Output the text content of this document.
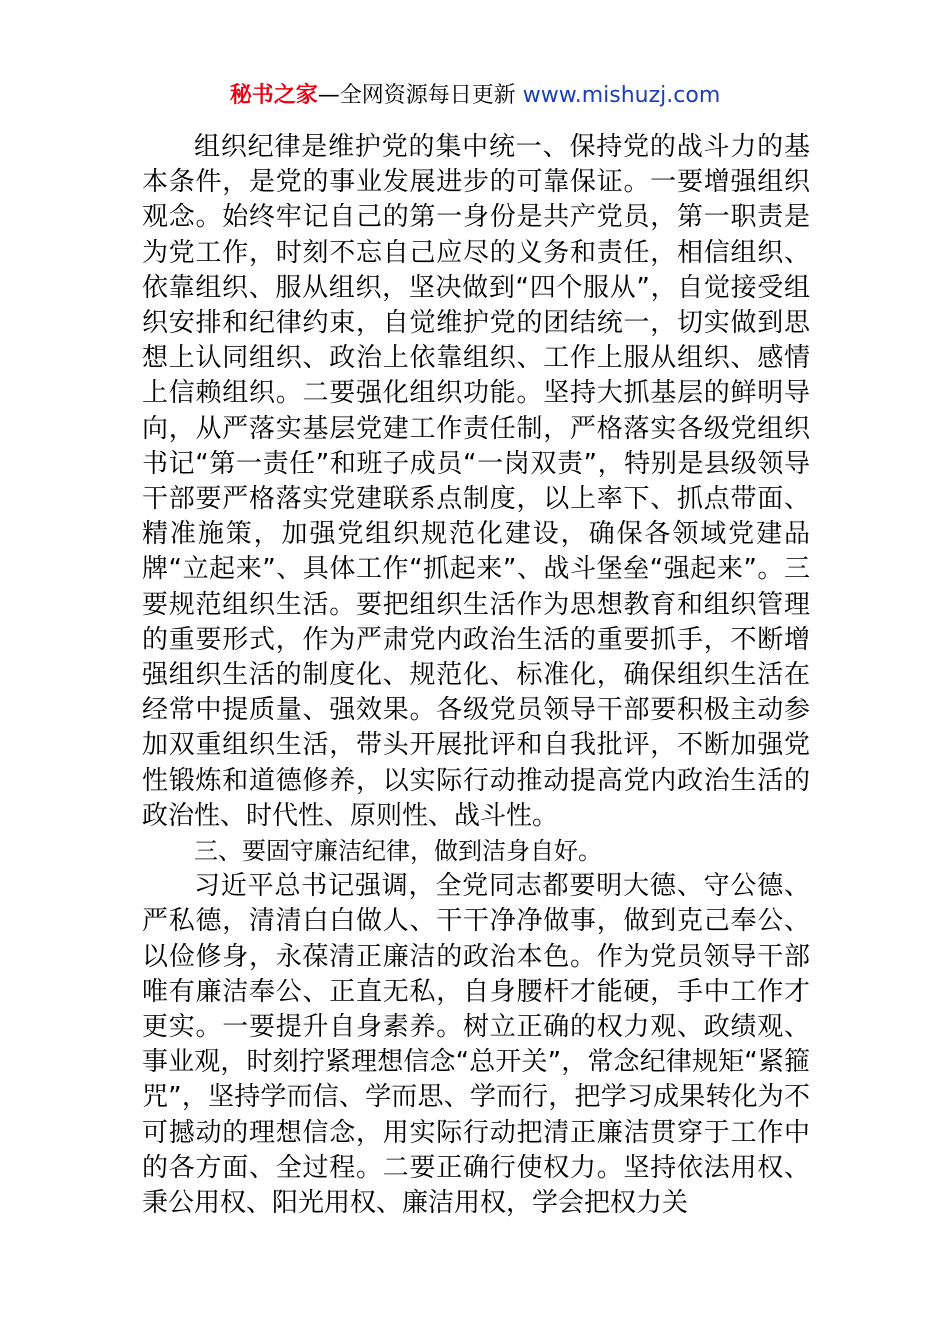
秘书之家—全网资源每日更新 www.mishuzj.com

组织纪律是维护党的集中统一、保持党的战斗力的基本条件，是党的事业发展进步的可靠保证。一要增强组织观念。始终牢记自己的第一身份是共产党员，第一职责是为党工作，时刻不忘自己应尽的义务和责任，相信组织、依靠组织、服从组织，坚决做到“四个服从”，自觉接受组织安排和纪律约束，自觉维护党的团结统一，切实做到思想上认同组织、政治上依靠组织、工作上服从组织、感情上信赖组织。二要强化组织功能。坚持大抓基层的鲜明导向，从严落实基层党建工作责任制，严格落实各级党组织书记“第一责任”和班子成员“一岗双责”，特别是县级领导干部要严格落实党建联系点制度，以上率下、抓点带面、精准施策，加强党组织规范化建设，确保各领域党建品牌“立起来”、具体工作“抓起来”、战斗堡垒“强起来”。三要规范组织生活。要把组织生活作为思想教育和组织管理的重要形式，作为严肃党内政治生活的重要抓手，不断增强组织生活的制度化、规范化、标准化，确保组织生活在经常中提质量、强效果。各级党员领导干部要积极主动参加双重组织生活，带头开展批评和自我批评，不断加强党性锻炼和道德修养，以实际行动推动提高党内政治生活的政治性、时代性、原则性、战斗性。

三、要固守廉洁纪律，做到洁身自好。

习近平总书记强调，全党同志都要明大德、守公德、严私德，清清白白做人、干干净净做事，做到克己奉公、以俭修身，永葆清正廉洁的政治本色。作为党员领导干部唯有廉洁奉公、正直无私，自身腰杆才能硬，手中工作才更实。一要提升自身素养。树立正确的权力观、政绩观、事业观，时刻拧紧理想信念“总开关”，常念纪律规矩“紧箍咒”，坚持学而信、学而思、学而行，把学习成果转化为不可撼动的理想信念，用实际行动把清正廉洁贯穿于工作中的各方面、全过程。二要正确行使权力。坚持依法用权、秉公用权、阳光用权、廉洁用权，学会把权力关
